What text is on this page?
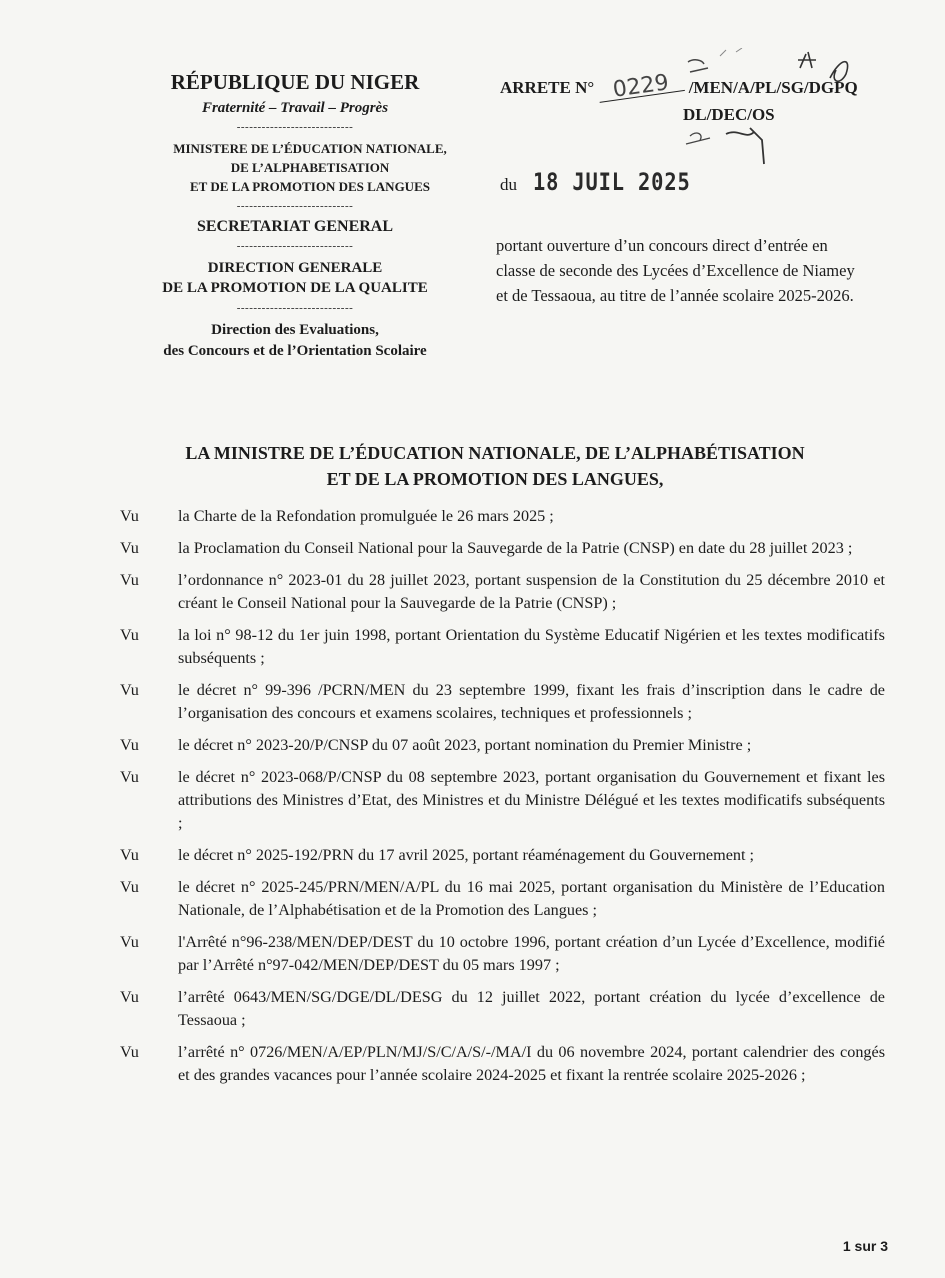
RÉPUBLIQUE DU NIGER
Fraternité – Travail – Progrès
----------------------------
MINISTERE DE L’ÉDUCATION NATIONALE,
DE L’ALPHABETISATION
ET DE LA PROMOTION DES LANGUES
----------------------------
SECRETARIAT GENERAL
----------------------------
DIRECTION GENERALE
DE LA PROMOTION DE LA QUALITE
----------------------------
Direction des Evaluations,
des Concours et de l’Orientation Scolaire
ARRETE N° 0229 /MEN/A/PL/SG/DGPQ
DL/DEC/OS
du 18 JUIL 2025
portant ouverture d’un concours direct d’entrée en classe de seconde des Lycées d’Excellence de Niamey et de Tessaoua, au titre de l’année scolaire 2025-2026.
LA MINISTRE DE L’ÉDUCATION NATIONALE, DE L’ALPHABÉTISATION
ET DE LA PROMOTION DES LANGUES,
Vu	la Charte de la Refondation promulguée le 26 mars 2025 ;
Vu	la Proclamation du Conseil National pour la Sauvegarde de la Patrie (CNSP) en date du 28 juillet 2023 ;
Vu	l’ordonnance n° 2023-01 du 28 juillet 2023, portant suspension de la Constitution du 25 décembre 2010 et créant le Conseil National pour la Sauvegarde de la Patrie (CNSP) ;
Vu	la loi n° 98-12 du 1er juin 1998, portant Orientation du Système Educatif Nigérien et les textes modificatifs subséquents ;
Vu	le décret n° 99-396 /PCRN/MEN du 23 septembre 1999, fixant les frais d’inscription dans le cadre de l’organisation des concours et examens scolaires, techniques et professionnels ;
Vu	le décret n° 2023-20/P/CNSP du 07 août 2023, portant nomination du Premier Ministre ;
Vu	le décret n° 2023-068/P/CNSP du 08 septembre 2023, portant organisation du Gouvernement et fixant les attributions des Ministres d’Etat, des Ministres et du Ministre Délégué et les textes modificatifs subséquents ;
Vu	le décret n° 2025-192/PRN du 17 avril 2025, portant réaménagement du Gouvernement ;
Vu	le décret n° 2025-245/PRN/MEN/A/PL du 16 mai 2025, portant organisation du Ministère de l’Education Nationale, de l’Alphabétisation et de la Promotion des Langues ;
Vu	l'Arrêté n°96-238/MEN/DEP/DEST du 10 octobre 1996, portant création d’un Lycée d’Excellence, modifié par l’Arrêté n°97-042/MEN/DEP/DEST du 05 mars 1997 ;
Vu	l’arrêté 0643/MEN/SG/DGE/DL/DESG du 12 juillet 2022, portant création du lycée d’excellence de Tessaoua ;
Vu	l’arrêté n° 0726/MEN/A/EP/PLN/MJ/S/C/A/S/-/MA/I du 06 novembre 2024, portant calendrier des congés et des grandes vacances pour l’année scolaire 2024-2025 et fixant la rentrée scolaire 2025-2026 ;
1 sur 3
